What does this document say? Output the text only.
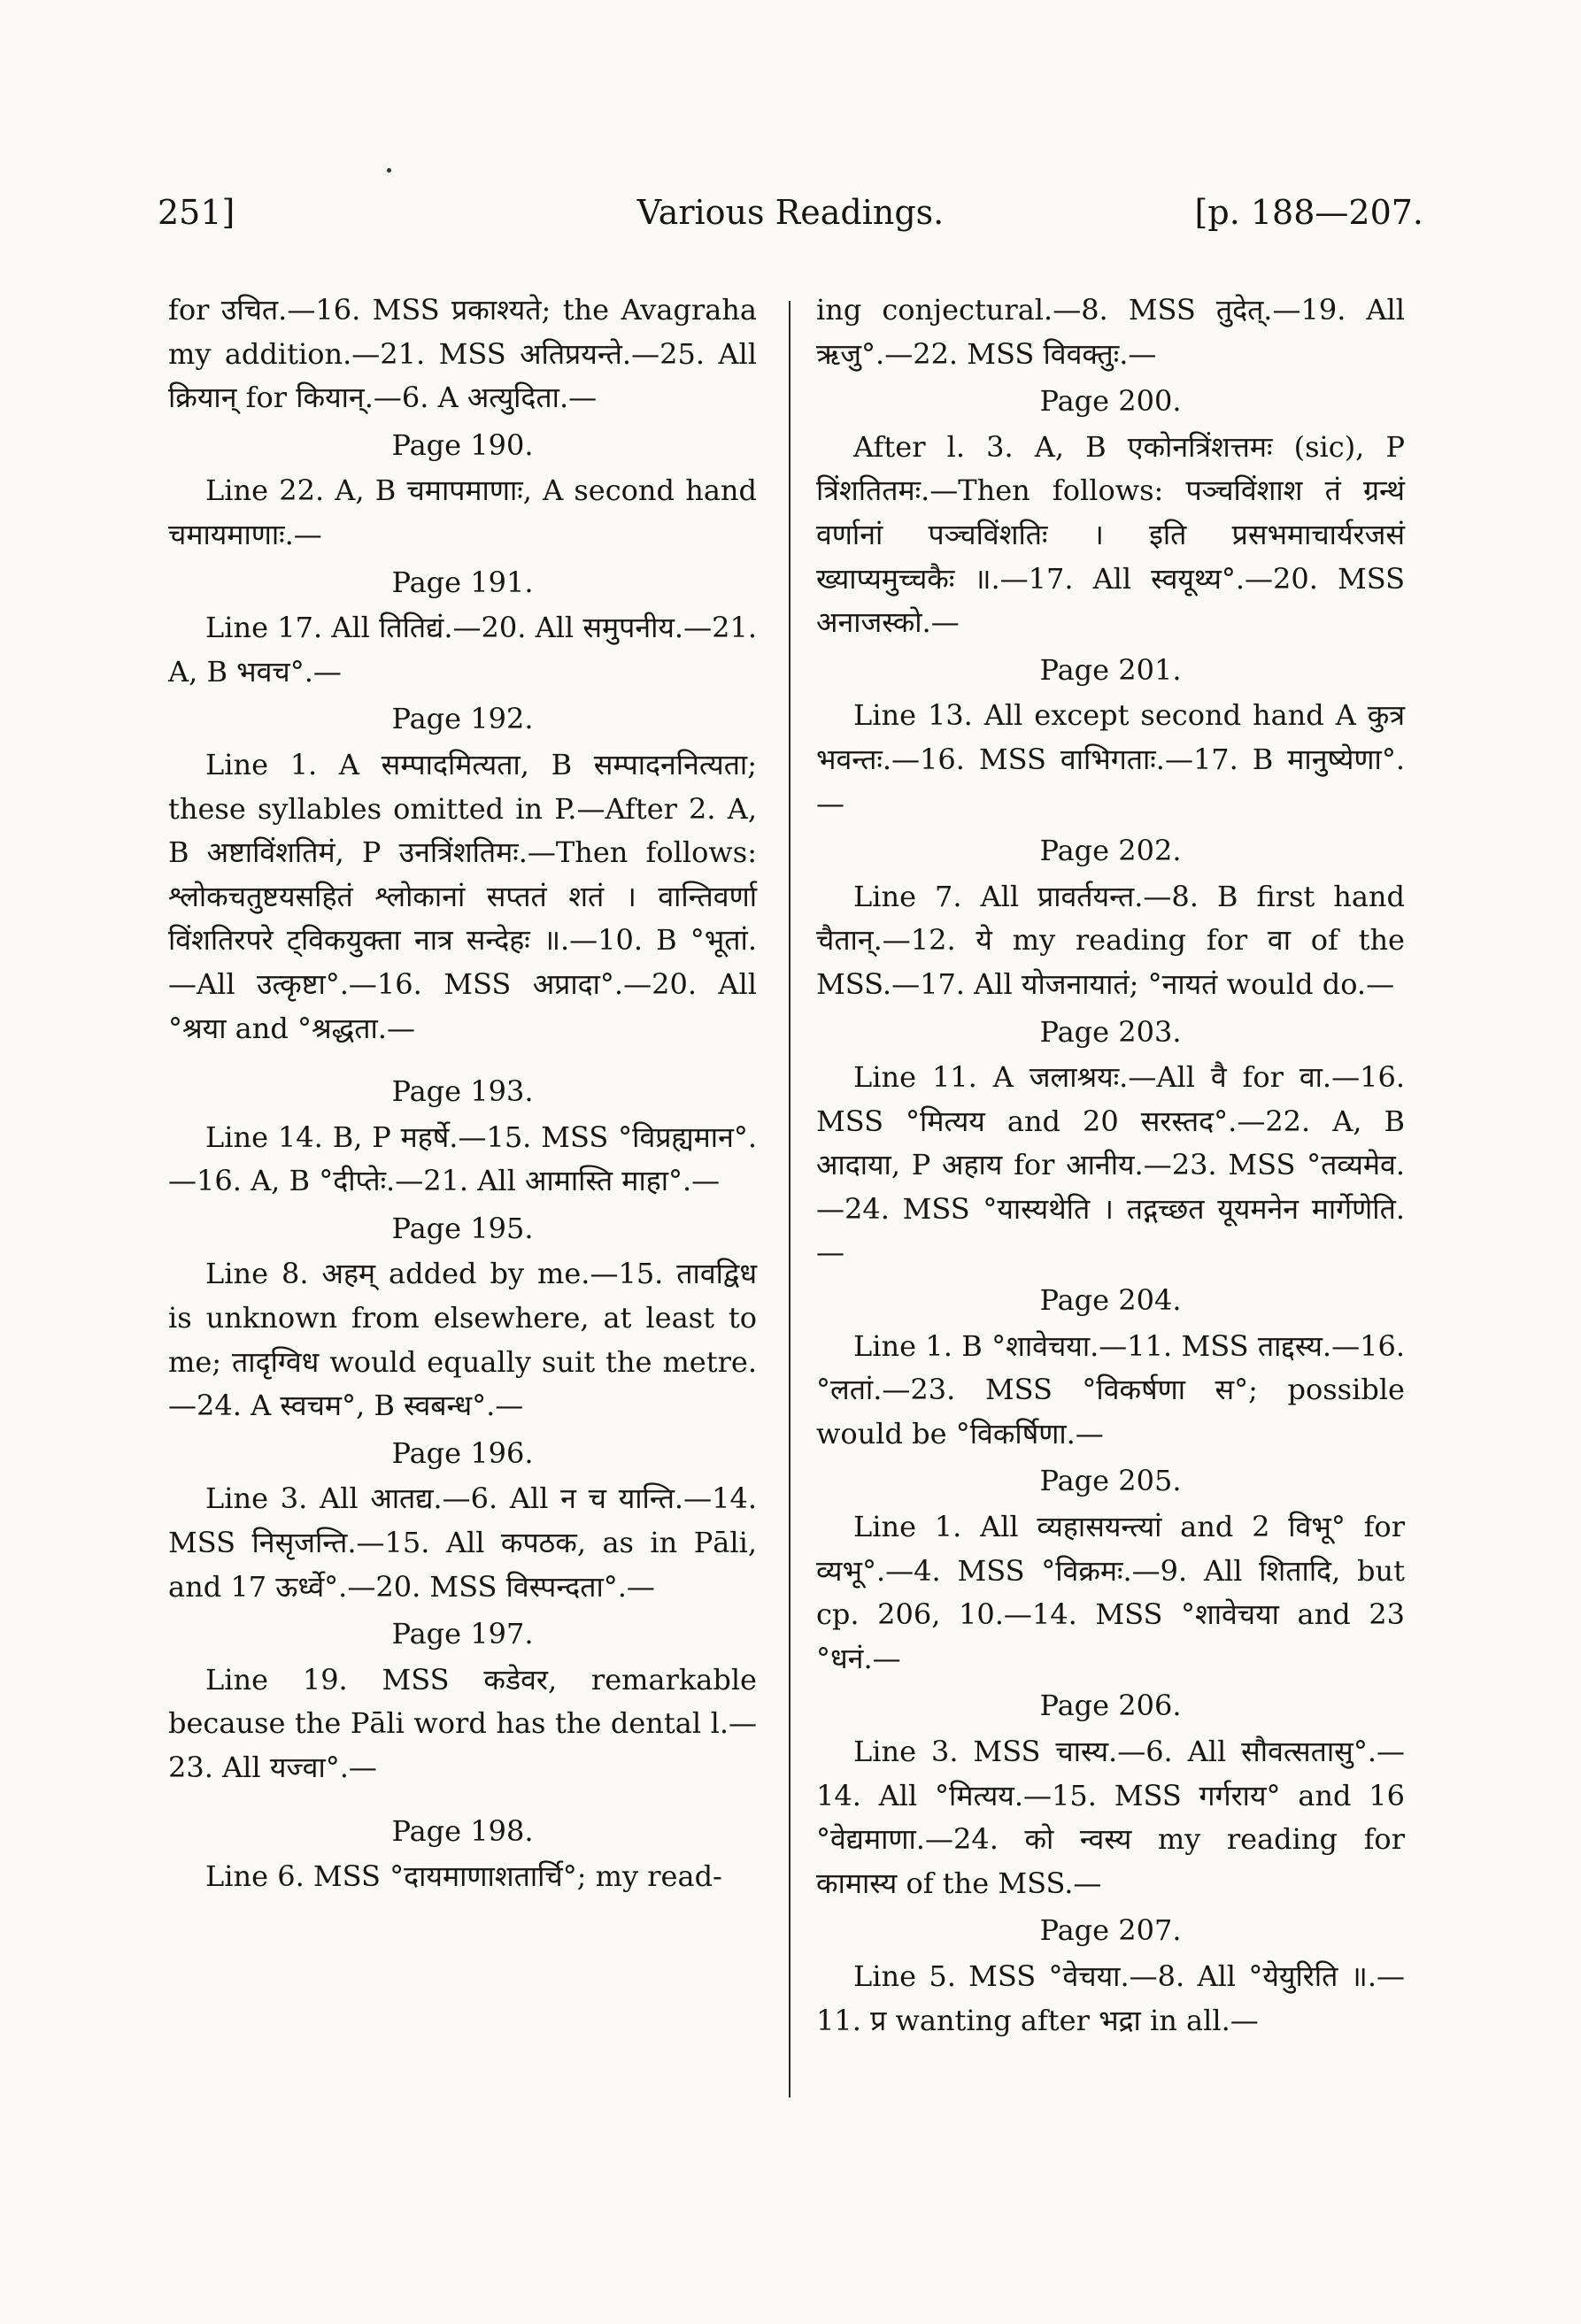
251]	Various Readings.	[p. 188—207.

for उचित.—16. MSS प्रकाश्यते; the Avagraha my addition.—21. MSS अतिप्रयन्ते.—25. All क्रियान् for कियान्.—6. A अत्युदिता.—

Page 190.

Line 22. A, B चमापमाणाः, A second hand चमायमाणाः.—

Page 191.

Line 17. All तितिद्यं.—20. All समुपनीय.—21. A, B भवच°.—

Page 192.

Line 1. A सम्पादमित्यता, B सम्पादननित्यता; these syllables omitted in P.—After 2. A, B अष्टाविंशतिमं, P उनत्रिंशतिमः.—Then follows: श्लोकचतुष्टयसहितं श्लोकानां सप्ततं शतं । वान्तिवर्णा विंशतिरपरे ट्विकयुक्ता नात्र सन्देहः ॥.—10. B °भूतां.—All उत्कृष्टा°.—16. MSS अप्रादा°.—20. All °श्रया and °श्रद्धता.—

Page 193.

Line 14. B, P महर्षे.—15. MSS °विप्रह्यमान°.—16. A, B °दीप्तेः.—21. All आमास्ति माहा°.—

Page 195.

Line 8. अहम् added by me.—15. तावद्विध is unknown from elsewhere, at least to me; तादृग्विध would equally suit the metre.—24. A स्वचम°, B स्वबन्ध°.—

Page 196.

Line 3. All आतद्य.—6. All न च यान्ति.—14. MSS निसृजन्ति.—15. All कपठक, as in Pāli, and 17 ऊर्ध्वे°.—20. MSS विस्पन्दता°.—

Page 197.

Line 19. MSS कडेवर, remarkable because the Pāli word has the dental l.—23. All यज्वा°.—

Page 198.

Line 6. MSS °दायमाणाशतार्चि°; my read-

ing conjectural.—8. MSS तुदेत्.—19. All ऋजु°.—22. MSS विवक्तुः.—

Page 200.

After l. 3. A, B एकोनत्रिंशत्तमः (sic), P त्रिंशतितमः.—Then follows: पञ्चविंशाश तं ग्रन्थं वर्णानां पञ्चविंशतिः । इति प्रसभमाचार्यरजसं ख्याप्यमुच्चकैः ॥.—17. All स्वयूथ्य°.—20. MSS अनाजस्को.—

Page 201.

Line 13. All except second hand A कुत्र भवन्तः.—16. MSS वाभिगताः.—17. B मानुष्येणा°.—

Page 202.

Line 7. All प्रावर्तयन्त.—8. B first hand चैतान्.—12. ये my reading for वा of the MSS.—17. All योजनायातं; °नायतं would do.—

Page 203.

Line 11. A जलाश्रयः.—All वै for वा.—16. MSS °मित्यय and 20 सरस्तद°.—22. A, B आदाया, P अहाय for आनीय.—23. MSS °तव्यमेव.—24. MSS °यास्यथेति । तद्गच्छत यूयमनेन मार्गेणेति.—

Page 204.

Line 1. B °शावेचया.—11. MSS ताद्दस्य.—16. °लतां.—23. MSS °विकर्षणा स°; possible would be °विकर्षिणा.—

Page 205.

Line 1. All व्यहासयन्त्यां and 2 विभू° for व्यभू°.—4. MSS °विक्रमः.—9. All शितादि, but cp. 206, 10.—14. MSS °शावेचया and 23 °धनं.—

Page 206.

Line 3. MSS चास्य.—6. All सौवत्सतासु°.—14. All °मित्यय.—15. MSS गर्गराय° and 16 °वेद्यमाणा.—24. को न्वस्य my reading for कामास्य of the MSS.—

Page 207.

Line 5. MSS °वेचया.—8. All °येयुरिति ॥.—11. प्र wanting after भद्रा in all.—
